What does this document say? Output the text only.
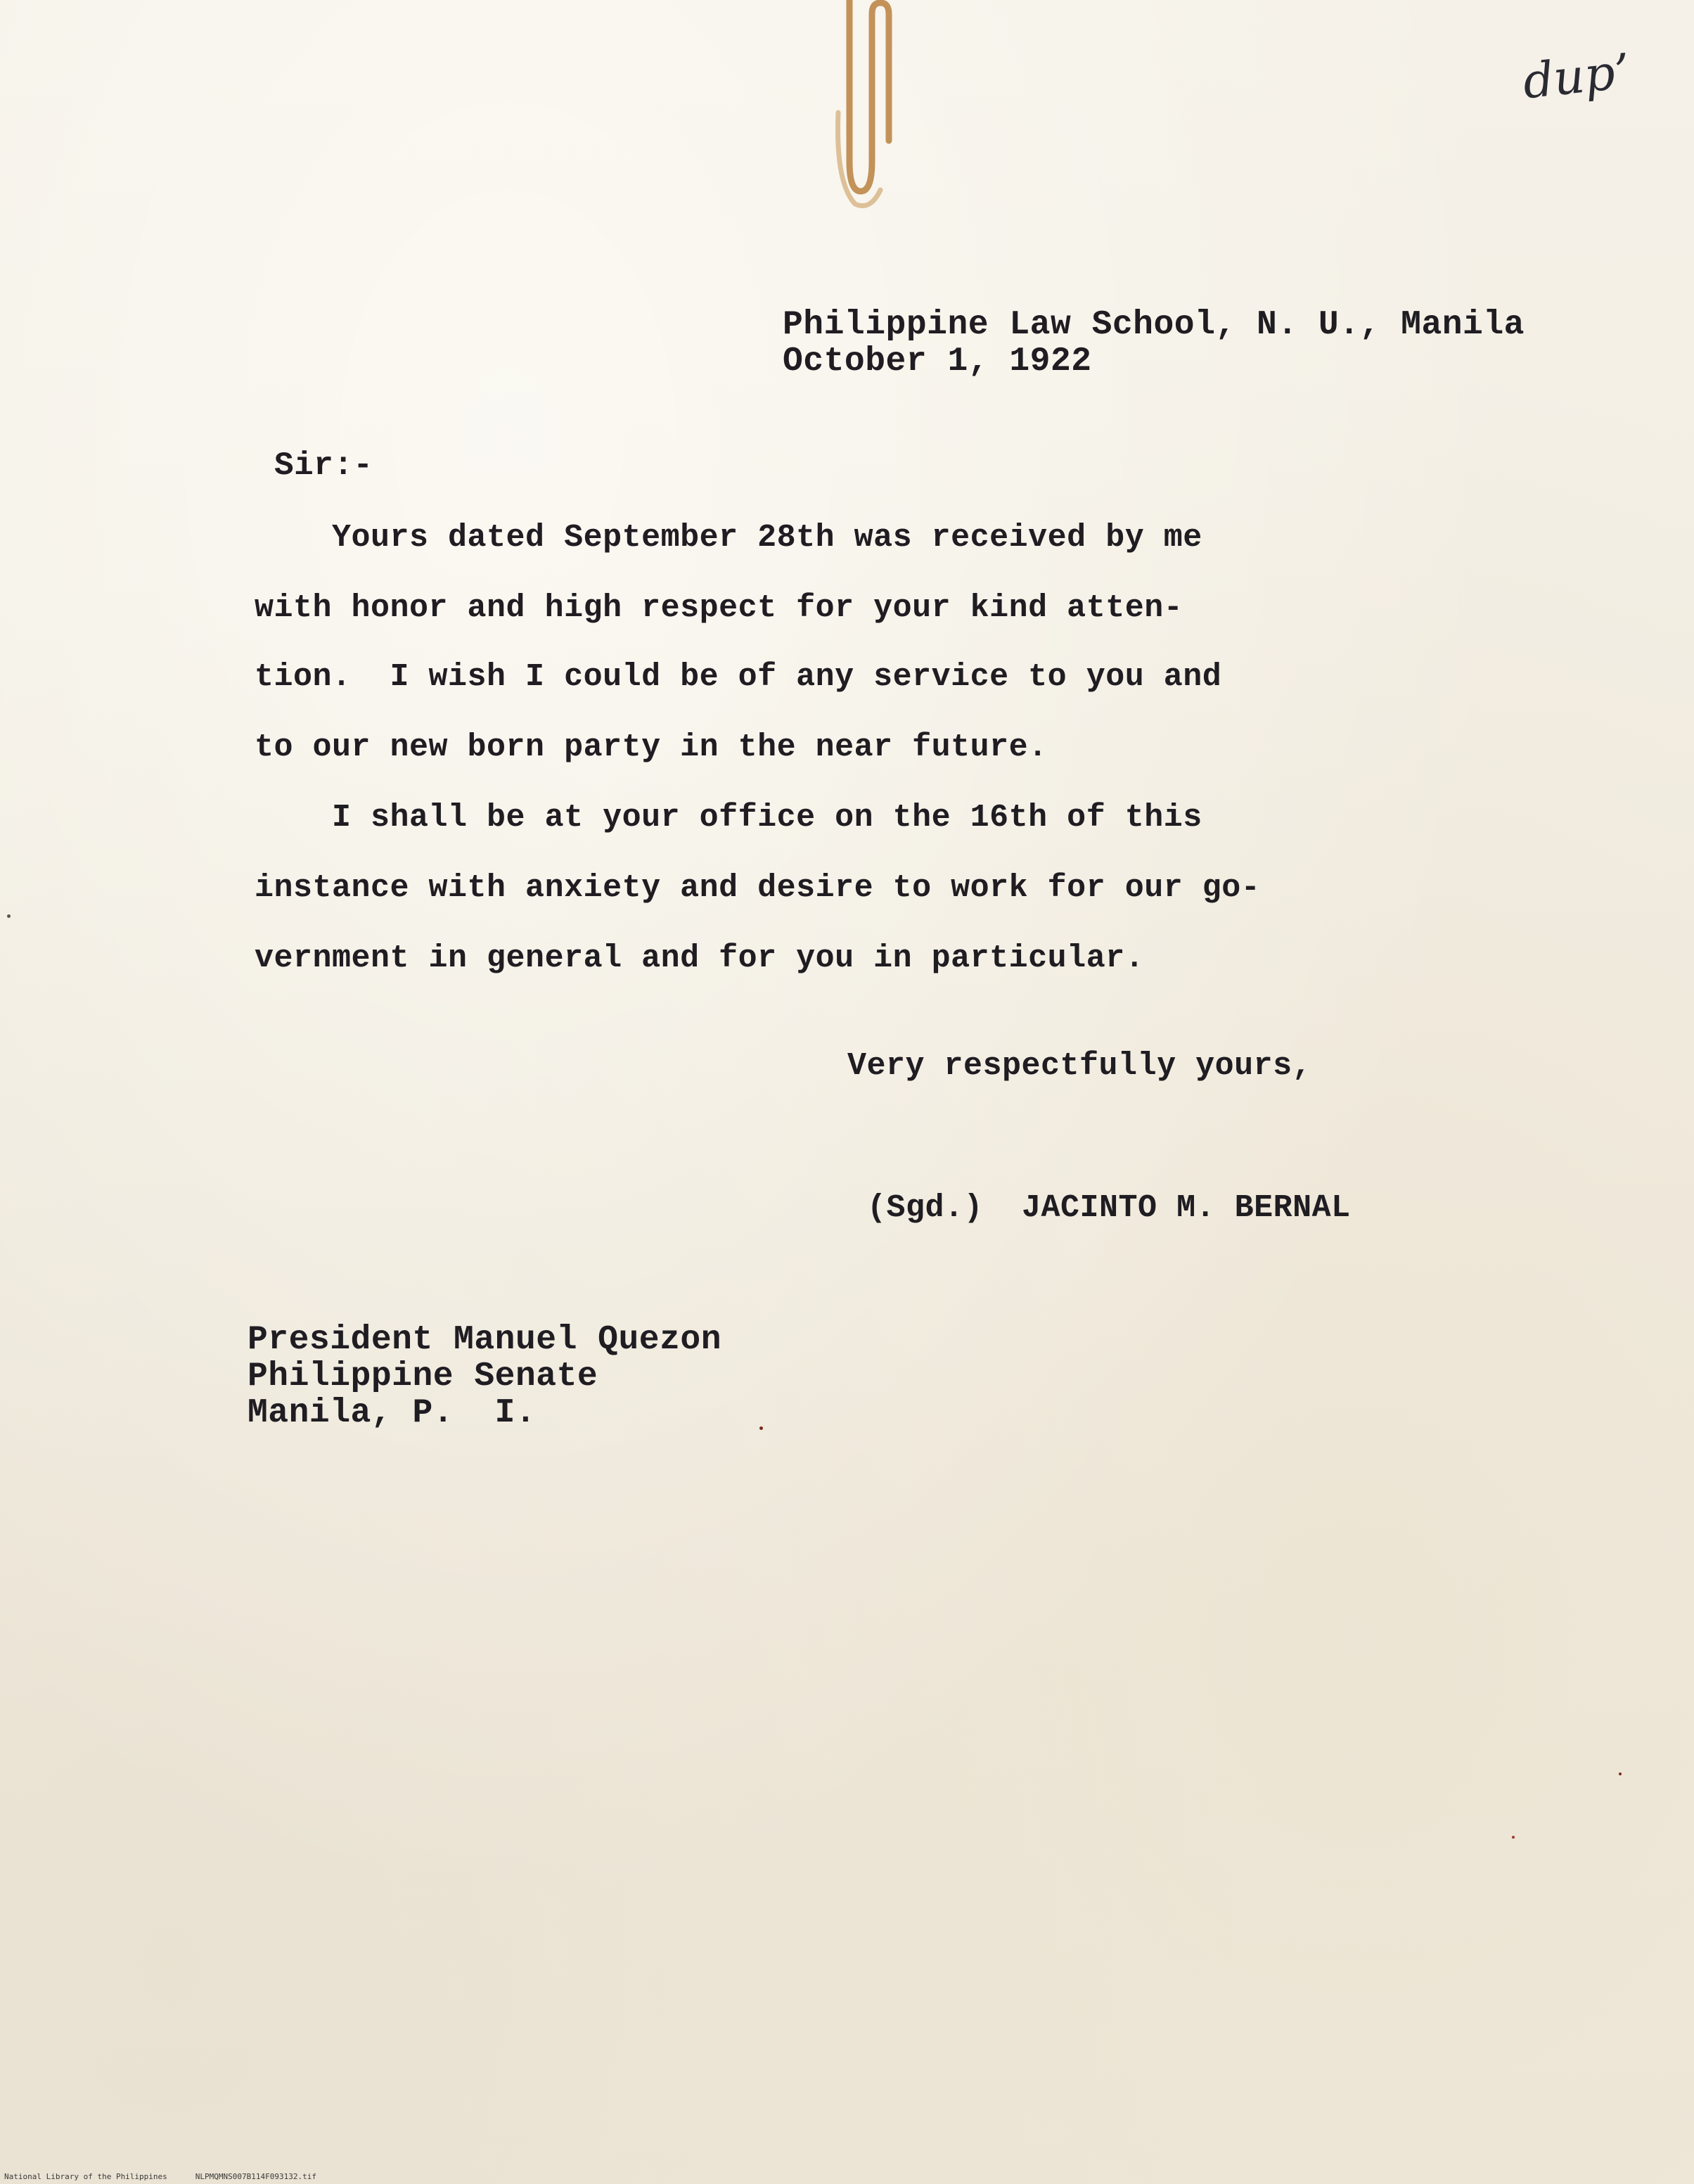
dup’

Philippine Law School, N. U., Manila

October 1, 1922

Sir:-

Yours dated September 28th was received by me

with honor and high respect for your kind atten-

tion.  I wish I could be of any service to you and

to our new born party in the near future.

I shall be at your office on the 16th of this

instance with anxiety and desire to work for our go-

vernment in general and for you in particular.

Very respectfully yours,

(Sgd.)  JACINTO M. BERNAL

President Manuel Quezon

Philippine Senate

Manila, P.  I.

National Library of the Philippines	NLPMQMNS007B114F093132.tif
